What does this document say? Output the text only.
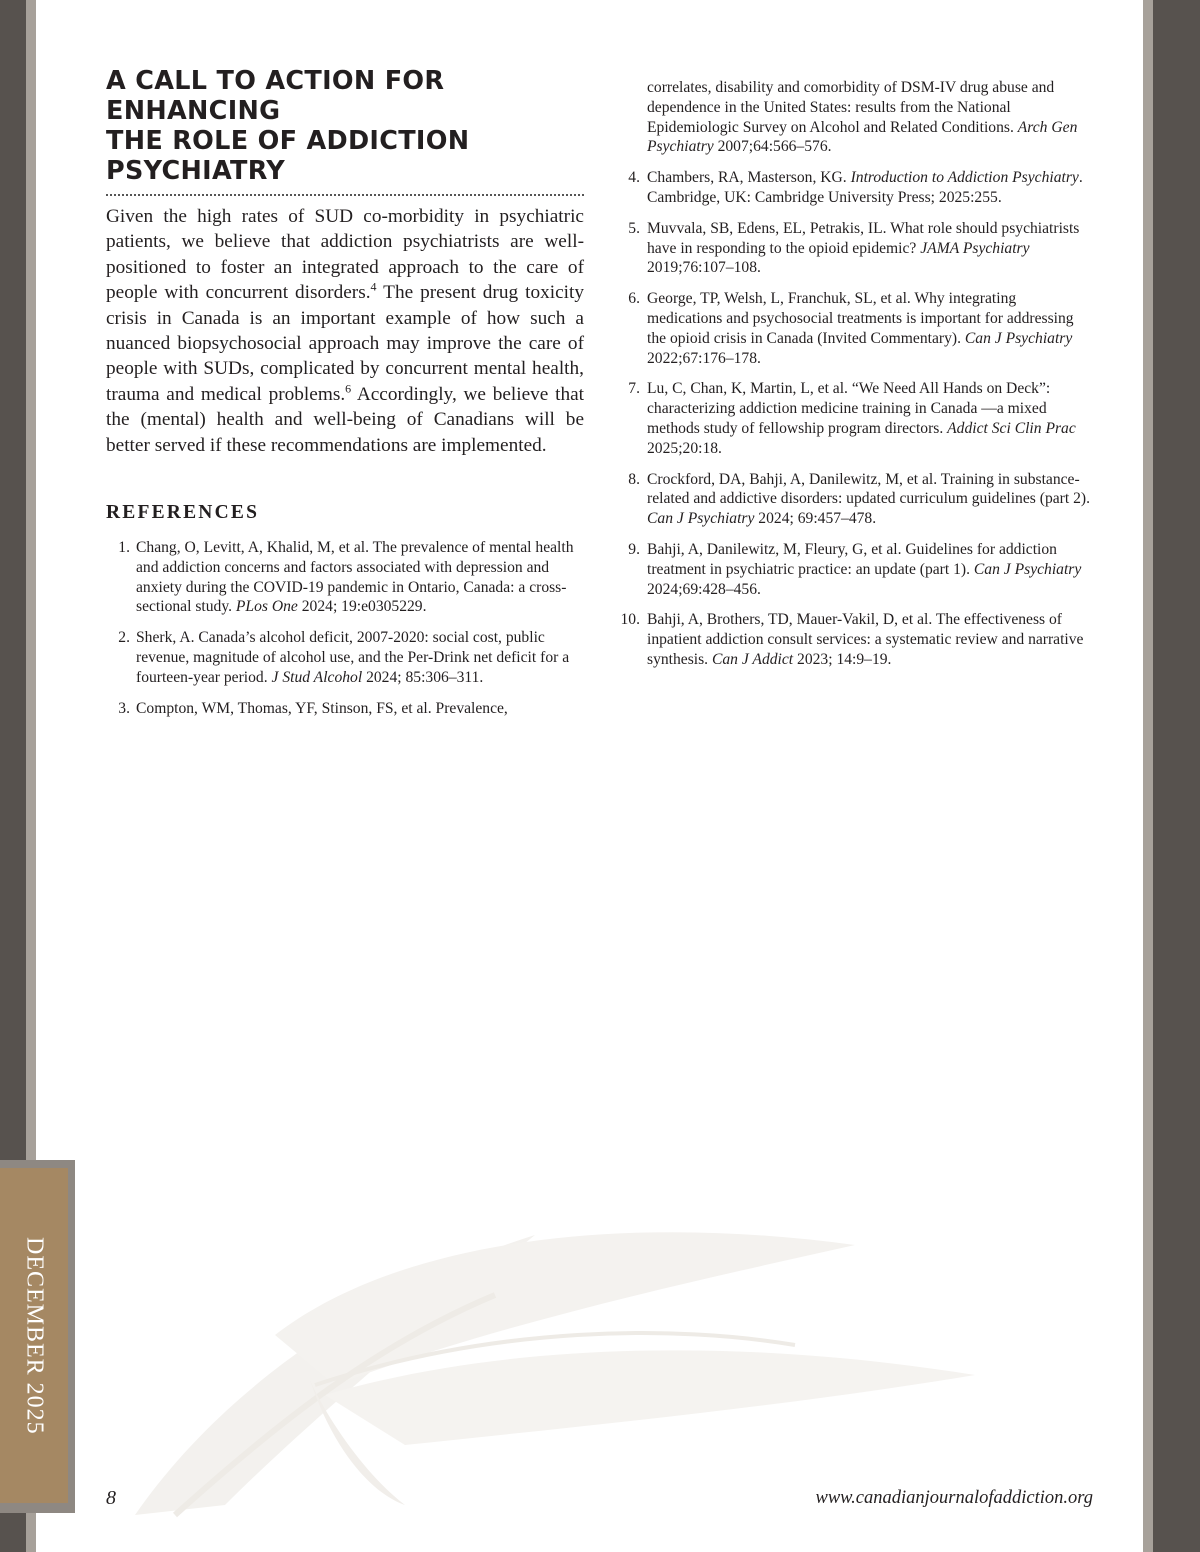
DECEMBER 2025
A CALL TO ACTION FOR ENHANCING
THE ROLE OF ADDICTION PSYCHIATRY

Given the high rates of SUD co-morbidity in psychiatric patients, we believe that addiction psychiatrists are well-positioned to foster an integrated approach to the care of people with concurrent disorders.$^4$ The present drug toxicity crisis in Canada is an important example of how such a nuanced biopsychosocial approach may improve the care of people with SUDs, complicated by concurrent mental health, trauma and medical problems.$^6$ Accordingly, we believe that the (mental) health and well-being of Canadians will be better served if these recommendations are implemented.

REFERENCES
1. Chang, O, Levitt, A, Khalid, M, et al. The prevalence of mental health and addiction concerns and factors associated with depression and anxiety during the COVID-19 pandemic in Ontario, Canada: a cross-sectional study. PLos One 2024; 19:e0305229.
2. Sherk, A. Canada’s alcohol deficit, 2007-2020: social cost, public revenue, magnitude of alcohol use, and the Per-Drink net deficit for a fourteen-year period. J Stud Alcohol 2024; 85:306–311.
3. Compton, WM, Thomas, YF, Stinson, FS, et al. Prevalence,
correlates, disability and comorbidity of DSM-IV drug abuse and dependence in the United States: results from the National Epidemiologic Survey on Alcohol and Related Conditions. Arch Gen Psychiatry 2007;64:566–576.
4. Chambers, RA, Masterson, KG. Introduction to Addiction Psychiatry. Cambridge, UK: Cambridge University Press; 2025:255.
5. Muvvala, SB, Edens, EL, Petrakis, IL. What role should psychiatrists have in responding to the opioid epidemic? JAMA Psychiatry 2019;76:107–108.
6. George, TP, Welsh, L, Franchuk, SL, et al. Why integrating medications and psychosocial treatments is important for addressing the opioid crisis in Canada (Invited Commentary). Can J Psychiatry 2022;67:176–178.
7. Lu, C, Chan, K, Martin, L, et al. “We Need All Hands on Deck”: characterizing addiction medicine training in Canada —a mixed methods study of fellowship program directors. Addict Sci Clin Prac 2025;20:18.
8. Crockford, DA, Bahji, A, Danilewitz, M, et al. Training in substance-related and addictive disorders: updated curriculum guidelines (part 2). Can J Psychiatry 2024; 69:457–478.
9. Bahji, A, Danilewitz, M, Fleury, G, et al. Guidelines for addiction treatment in psychiatric practice: an update (part 1). Can J Psychiatry 2024;69:428–456.
10. Bahji, A, Brothers, TD, Mauer-Vakil, D, et al. The effectiveness of inpatient addiction consult services: a systematic review and narrative synthesis. Can J Addict 2023; 14:9–19.
8	www.canadianjournalofaddiction.org
